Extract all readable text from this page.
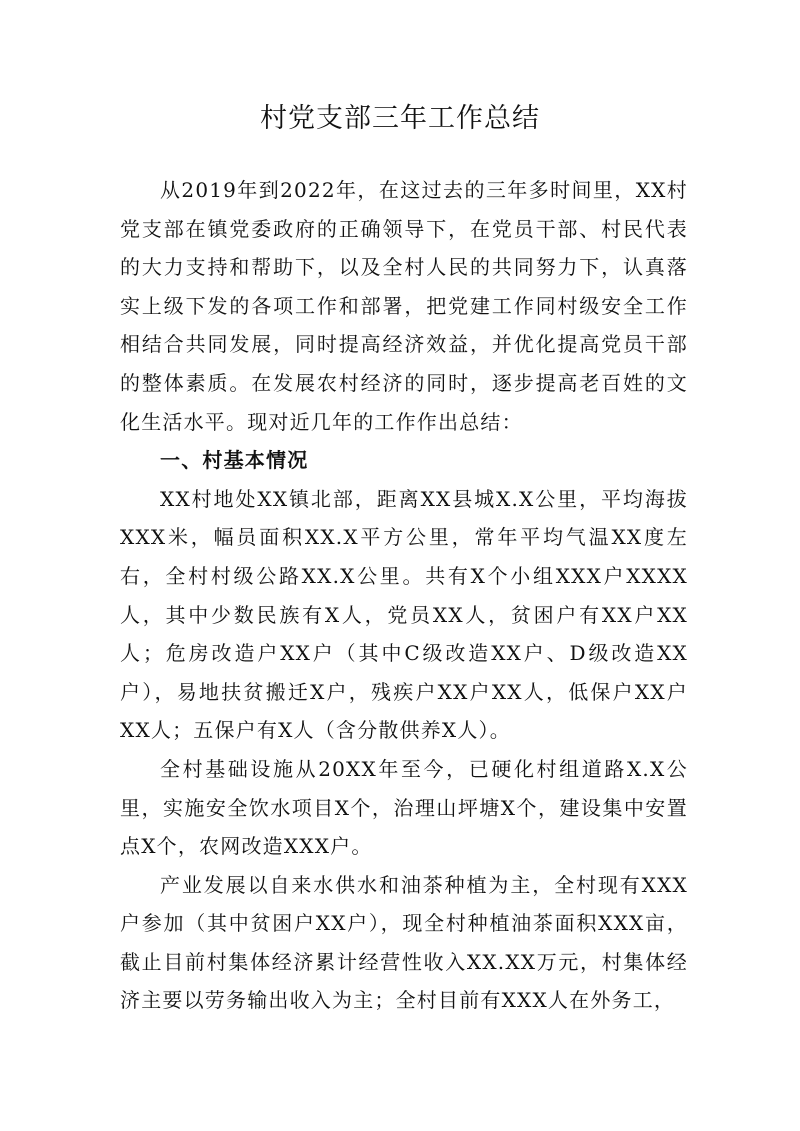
村党支部三年工作总结

从2019年到2022年，在这过去的三年多时间里，XX村党支部在镇党委政府的正确领导下，在党员干部、村民代表的大力支持和帮助下，以及全村人民的共同努力下，认真落实上级下发的各项工作和部署，把党建工作同村级安全工作相结合共同发展，同时提高经济效益，并优化提高党员干部的整体素质。在发展农村经济的同时，逐步提高老百姓的文化生活水平。现对近几年的工作作出总结：

一、村基本情况

XX村地处XX镇北部，距离XX县城X.X公里，平均海拔XXX米，幅员面积XX.X平方公里，常年平均气温XX度左右，全村村级公路XX.X公里。共有X个小组XXX户XXXX人，其中少数民族有X人，党员XX人，贫困户有XX户XX人；危房改造户XX户（其中C级改造XX户、D级改造XX户），易地扶贫搬迁X户，残疾户XX户XX人，低保户XX户XX人；五保户有X人（含分散供养X人）。

全村基础设施从20XX年至今，已硬化村组道路X.X公里，实施安全饮水项目X个，治理山坪塘X个，建设集中安置点X个，农网改造XXX户。

产业发展以自来水供水和油茶种植为主，全村现有XXX户参加（其中贫困户XX户），现全村种植油茶面积XXX亩，截止目前村集体经济累计经营性收入XX.XX万元，村集体经济主要以劳务输出收入为主；全村目前有XXX人在外务工，
